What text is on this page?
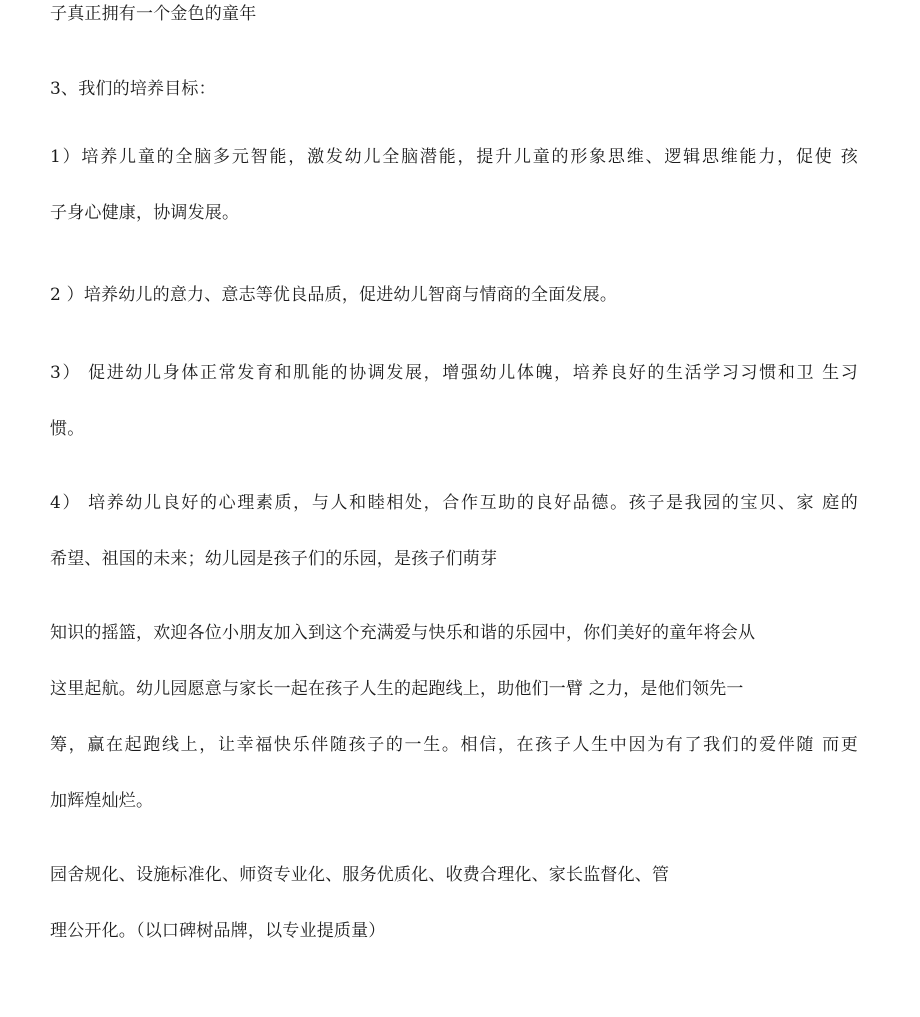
子真正拥有一个金色的童年
3、我们的培养目标：
1）培养儿童的全脑多元智能，激发幼儿全脑潜能，提升儿童的形象思维、逻辑思维能力，促使 孩
子身心健康，协调发展。
2 ）培养幼儿的意力、意志等优良品质，促进幼儿智商与情商的全面发展。
3） 促进幼儿身体正常发育和肌能的协调发展，增强幼儿体魄，培养良好的生活学习习惯和卫 生习
惯。
4） 培养幼儿良好的心理素质，与人和睦相处，合作互助的良好品德。孩子是我园的宝贝、家 庭的
希望、祖国的未来；幼儿园是孩子们的乐园，是孩子们萌芽
知识的摇篮，欢迎各位小朋友加入到这个充满爱与快乐和谐的乐园中，你们美好的童年将会从
这里起航。幼儿园愿意与家长一起在孩子人生的起跑线上，助他们一臂 之力，是他们领先一
筹，赢在起跑线上，让幸福快乐伴随孩子的一生。相信，在孩子人生中因为有了我们的爱伴随 而更
加辉煌灿烂。
园舍规化、设施标准化、师资专业化、服务优质化、收费合理化、家长监督化、管
理公开化。（以口碑树品牌，以专业提质量）
